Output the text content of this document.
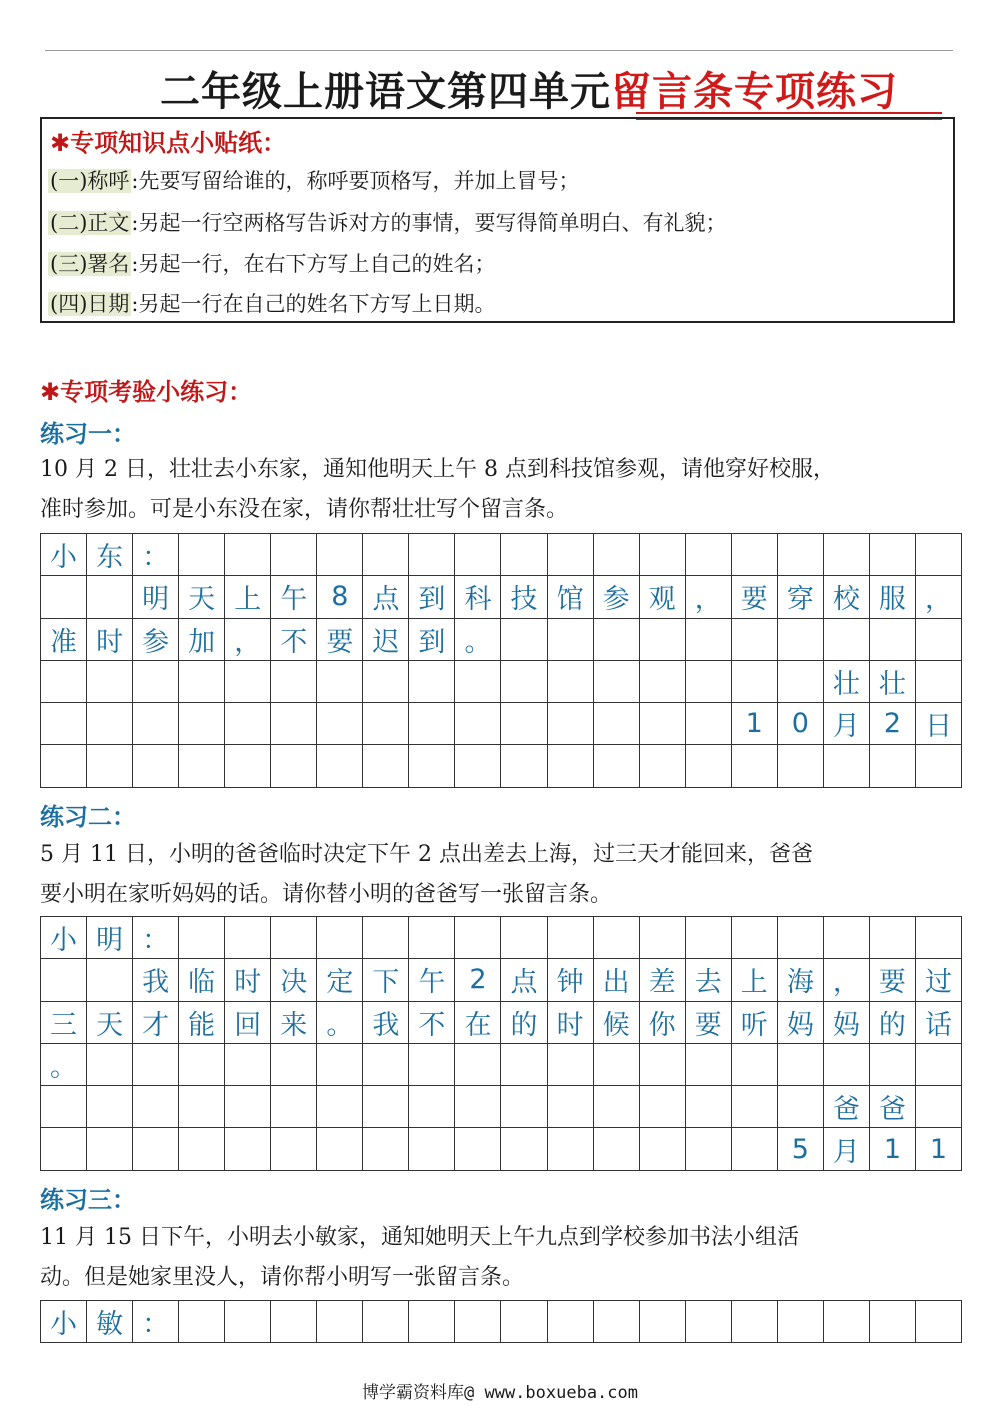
二年级上册语文第四单元留言条专项练习
✱专项知识点小贴纸：
(一)称呼:先要写留给谁的，称呼要顶格写，并加上冒号；
(二)正文:另起一行空两格写告诉对方的事情，要写得简单明白、有礼貌；
(三)署名:另起一行，在右下方写上自己的姓名；
(四)日期:另起一行在自己的姓名下方写上日期。
✱专项考验小练习：
练习一：
10 月 2 日，壮壮去小东家，通知他明天上午 8 点到科技馆参观，请他穿好校服，
准时参加。可是小东没在家，请你帮壮壮写个留言条。
小 东 ：
明 天 上 午 8 点 到 科 技 馆 参 观 ， 要 穿 校 服 ，
准 时 参 加 ， 不 要 迟 到 。
壮 壮
1	0 月 2 日
练习二：
5 月 11 日，小明的爸爸临时决定下午 2 点出差去上海，过三天才能回来，爸爸
要小明在家听妈妈的话。请你替小明的爸爸写一张留言条。
小 明 ：
我 临 时 决 定 下 午 2 点 钟 出 差 去 上 海 ， 要 过
三 天 才 能 回 来 。 我 不 在 的 时 候 你 要 听 妈 妈 的 话
。
爸 爸
5 月 1	1
练习三：
11 月 15 日下午，小明去小敏家，通知她明天上午九点到学校参加书法小组活
动。但是她家里没人，请你帮小明写一张留言条。
小 敏 ：
博学霸资料库@ www.boxueba.com
